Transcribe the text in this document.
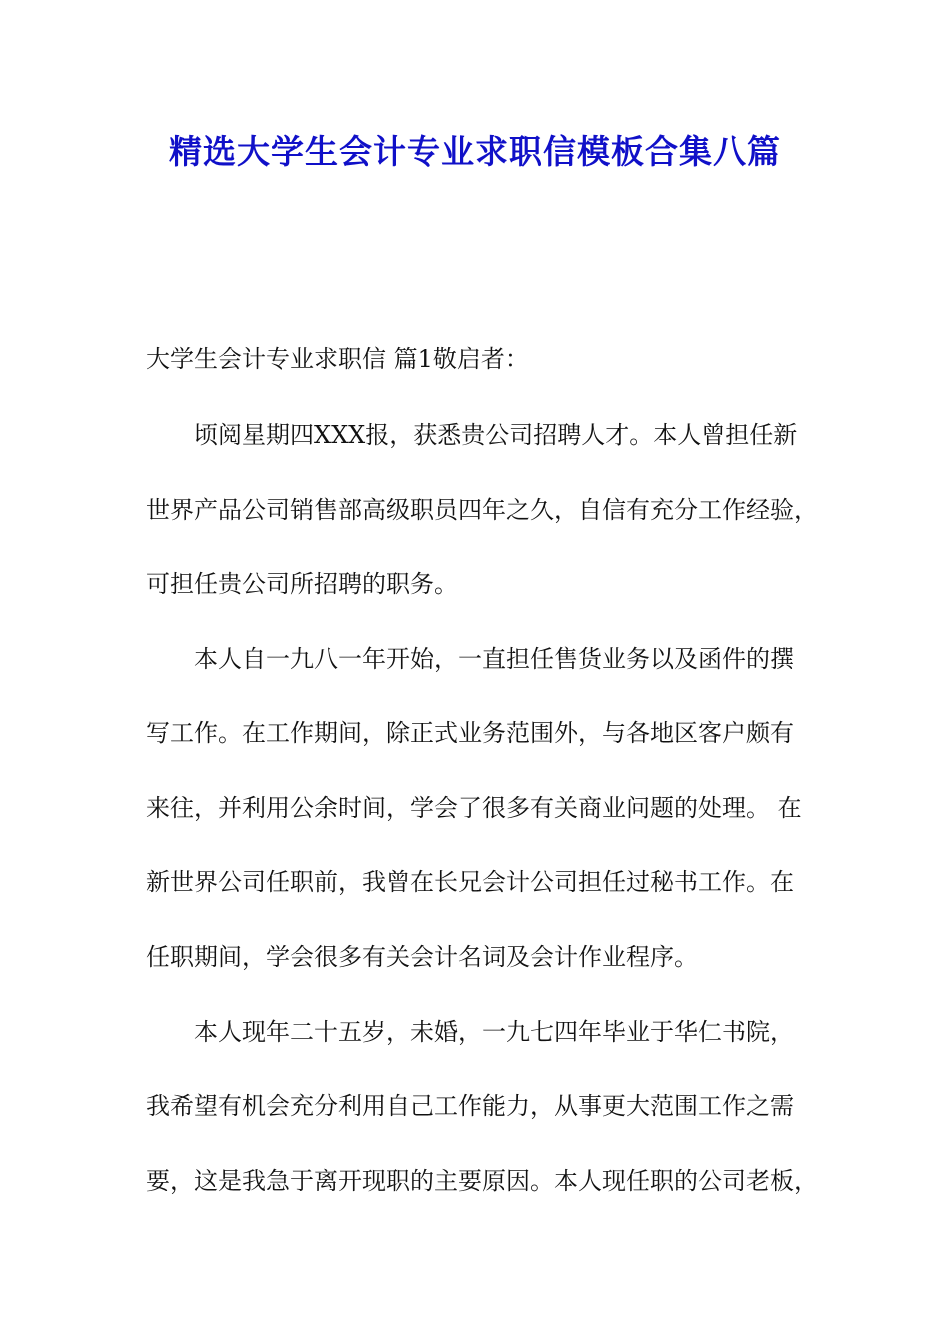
精选大学生会计专业求职信模板合集八篇
大学生会计专业求职信 篇1敬启者：
顷阅星期四XXX报，获悉贵公司招聘人才。本人曾担任新
世界产品公司销售部高级职员四年之久，自信有充分工作经验，
可担任贵公司所招聘的职务。
本人自一九八一年开始，一直担任售货业务以及函件的撰
写工作。在工作期间，除正式业务范围外，与各地区客户颇有
来往，并利用公余时间，学会了很多有关商业问题的处理。 在
新世界公司任职前，我曾在长兄会计公司担任过秘书工作。在
任职期间，学会很多有关会计名词及会计作业程序。
本人现年二十五岁，未婚，一九七四年毕业于华仁书院，
我希望有机会充分利用自己工作能力，从事更大范围工作之需
要，这是我急于离开现职的主要原因。本人现任职的公司老板，
